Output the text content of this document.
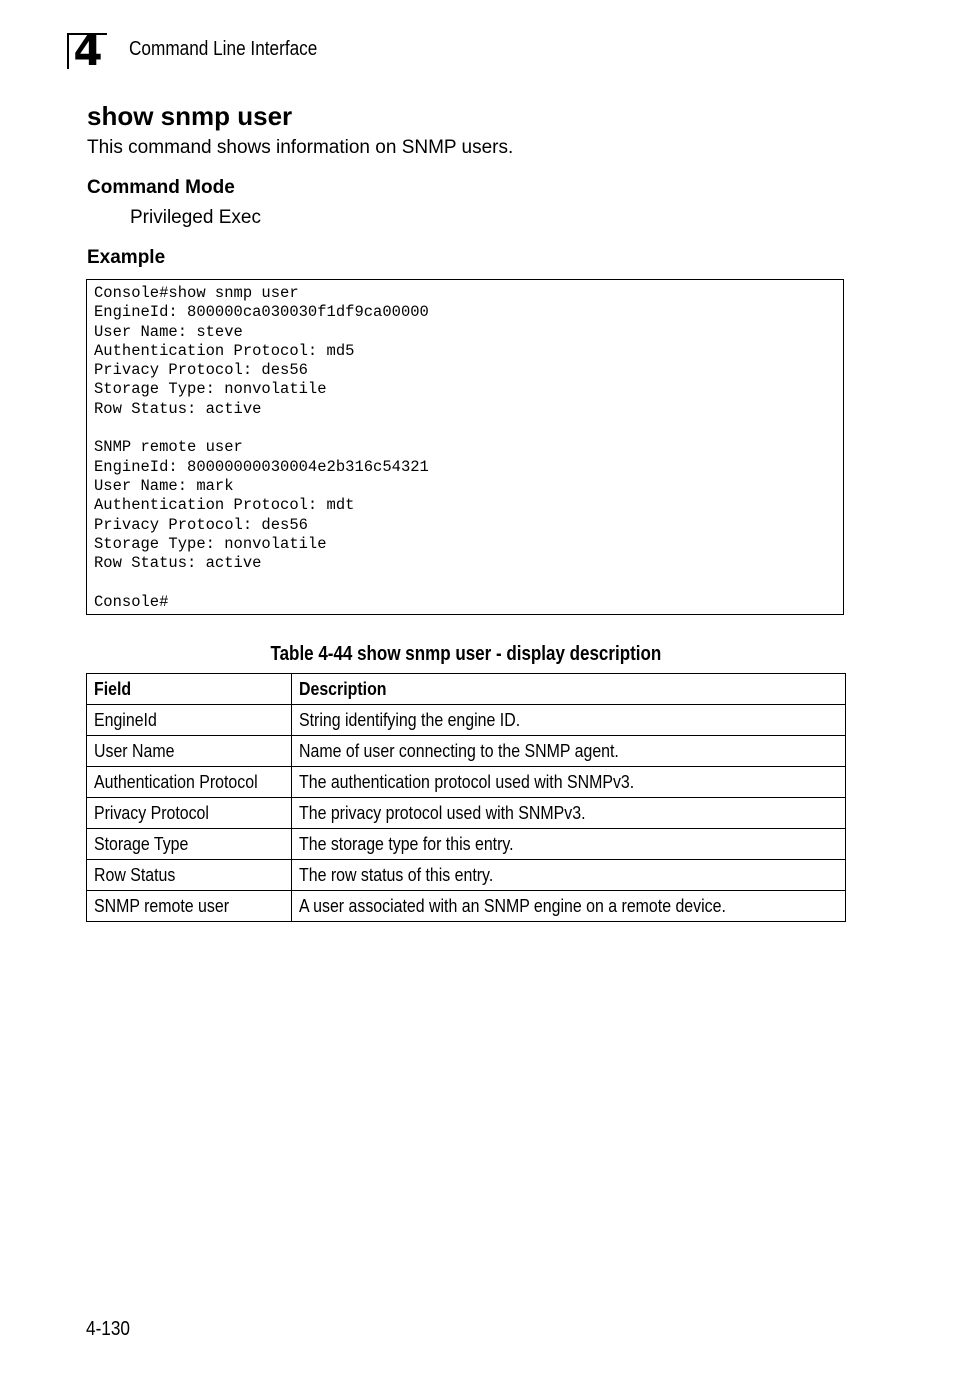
4 Command Line Interface
show snmp user

This command shows information on SNMP users.

Command Mode

Privileged Exec

Example
Console#show snmp user
EngineId: 800000ca030030f1df9ca00000
User Name: steve
Authentication Protocol: md5
Privacy Protocol: des56
Storage Type: nonvolatile
Row Status: active

SNMP remote user
EngineId: 80000000030004e2b316c54321
User Name: mark
Authentication Protocol: mdt
Privacy Protocol: des56
Storage Type: nonvolatile
Row Status: active

Console#
Table 4-44 show snmp user - display description
Field	Description
EngineId	String identifying the engine ID.
User Name	Name of user connecting to the SNMP agent.
Authentication Protocol	The authentication protocol used with SNMPv3.
Privacy Protocol	The privacy protocol used with SNMPv3.
Storage Type	The storage type for this entry.
Row Status	The row status of this entry.
SNMP remote user	A user associated with an SNMP engine on a remote device.
4-130
